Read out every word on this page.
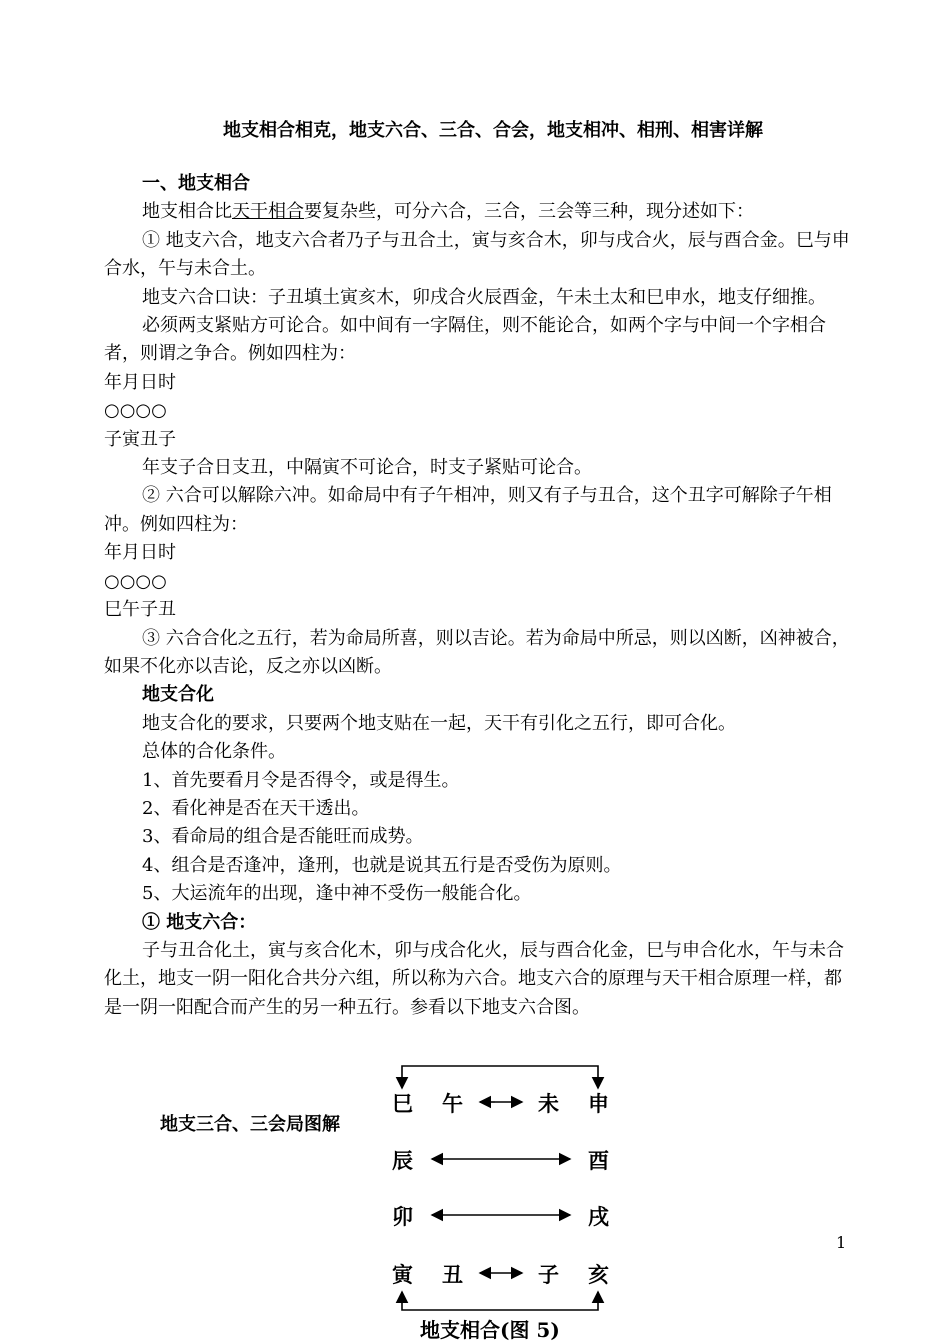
地支相合相克，地支六合、三合、合会，地支相冲、相刑、相害详解

一、地支相合

地支相合比天干相合要复杂些，可分六合，三合，三会等三种，现分述如下：

① 地支六合，地支六合者乃子与丑合土，寅与亥合木，卯与戌合火，辰与酉合金。巳与申合水，午与未合土。

地支六合口诀：子丑填土寅亥木，卯戌合火辰酉金，午未土太和巳申水，地支仔细推。

必须两支紧贴方可论合。如中间有一字隔住，则不能论合，如两个字与中间一个字相合者，则谓之争合。例如四柱为：

年月日时

○○○○

子寅丑子

年支子合日支丑，中隔寅不可论合，时支子紧贴可论合。

② 六合可以解除六冲。如命局中有子午相冲，则又有子与丑合，这个丑字可解除子午相冲。例如四柱为：

年月日时

○○○○

巳午子丑

③ 六合合化之五行，若为命局所喜，则以吉论。若为命局中所忌，则以凶断，凶神被合，如果不化亦以吉论，反之亦以凶断。

地支合化

地支合化的要求，只要两个地支贴在一起，天干有引化之五行，即可合化。

总体的合化条件。

1、首先要看月令是否得令，或是得生。

2、看化神是否在天干透出。

3、看命局的组合是否能旺而成势。

4、组合是否逢冲，逢刑，也就是说其五行是否受伤为原则。

5、大运流年的出现，逢中神不受伤一般能合化。

① 地支六合：

子与丑合化土，寅与亥合化木，卯与戌合化火，辰与酉合化金，巳与申合化水，午与未合化土，地支一阴一阳化合共分六组，所以称为六合。地支六合的原理与天干相合原理一样，都是一阴一阳配合而产生的另一种五行。参看以下地支六合图。

地支三合、三会局图解
巳 午	未 申
辰	酉
卯	戌
寅 丑	子 亥
地支相合(图 5)
1
